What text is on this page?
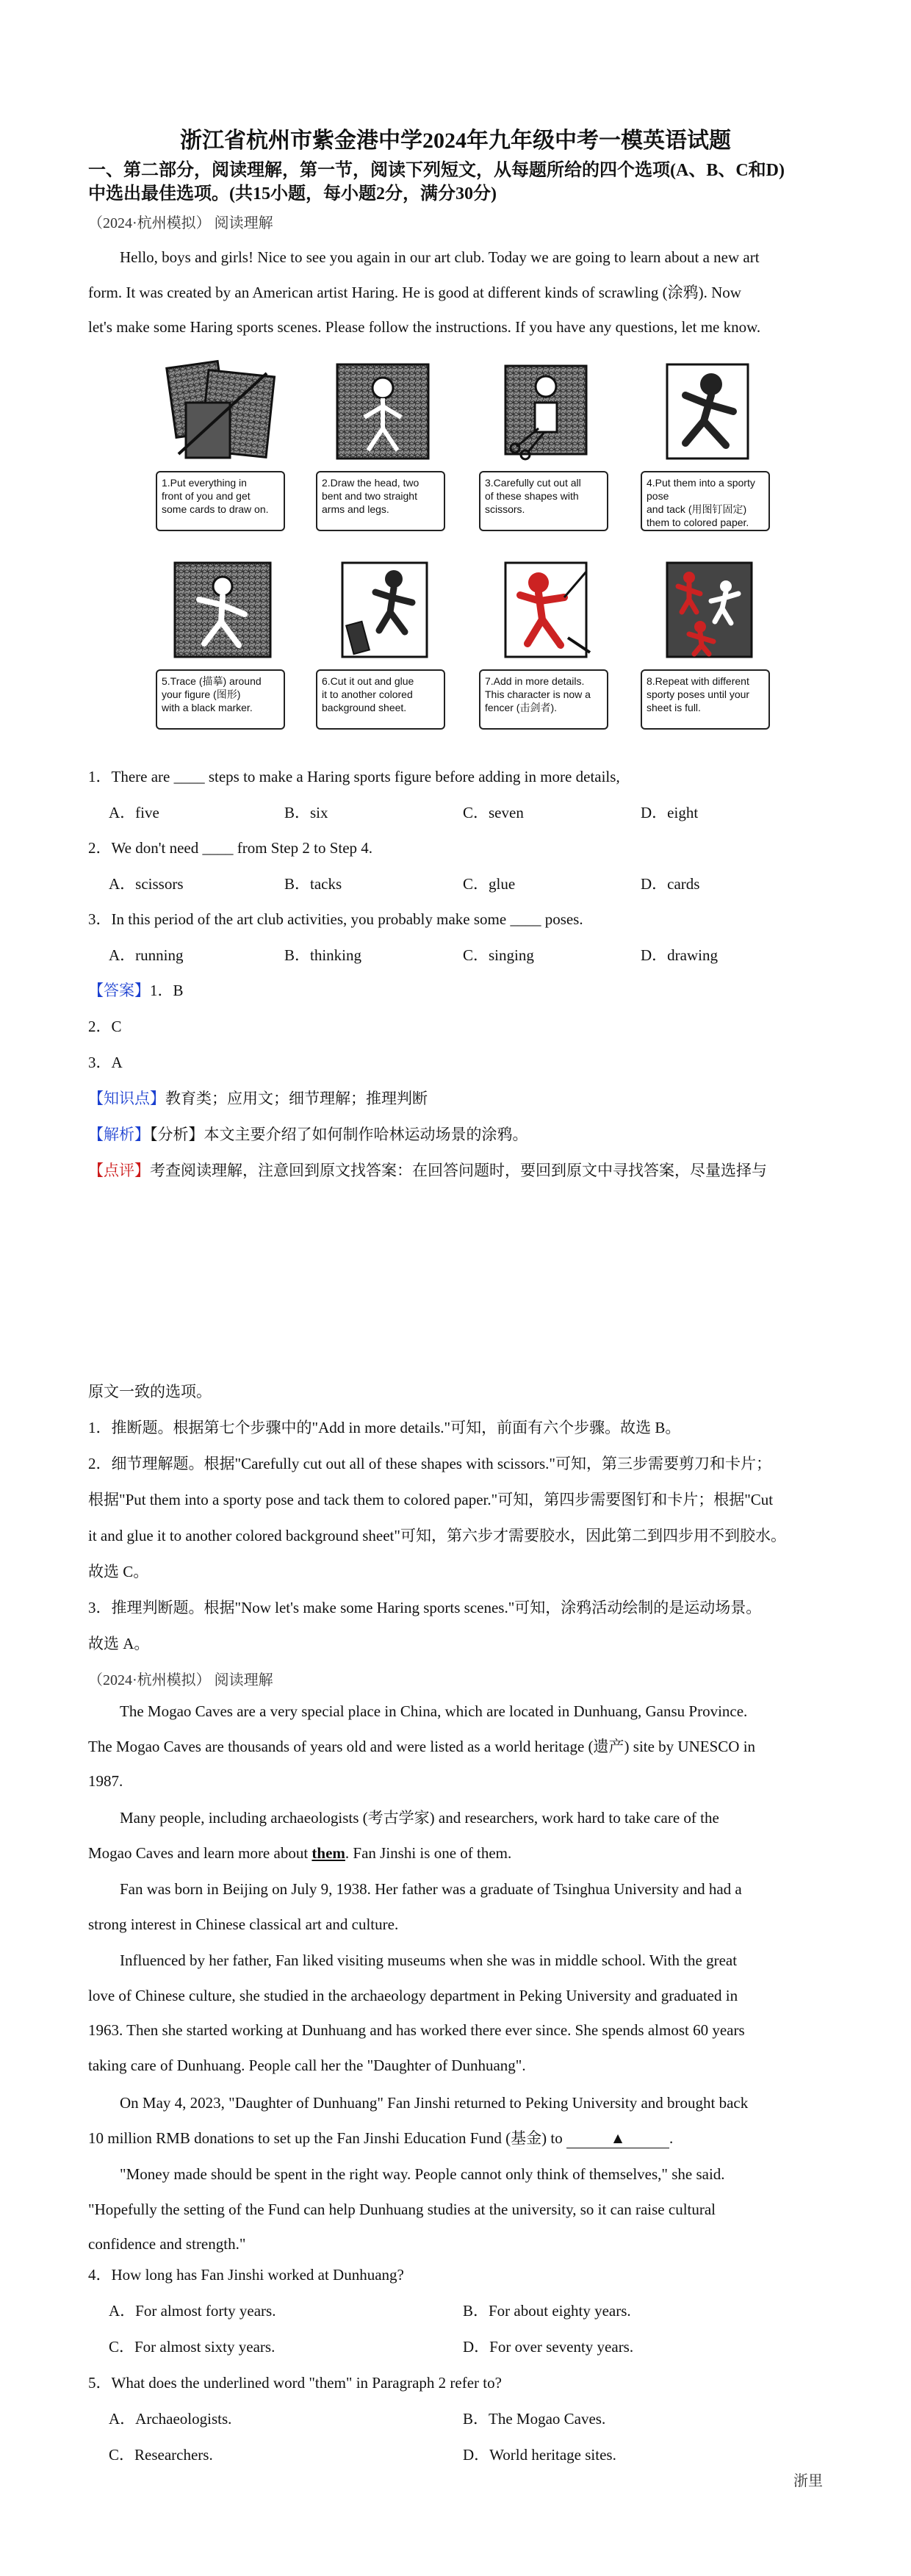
浙江省杭州市紫金港中学2024年九年级中考一模英语试题
一、第二部分，阅读理解，第一节，阅读下列短文，从每题所给的四个选项(A、B、C和D)
中选出最佳选项。(共15小题，每小题2分，满分30分)
（2024·杭州模拟） 阅读理解
Hello, boys and girls! Nice to see you again in our art club. Today we are going to learn about a new art
form. It was created by an American artist Haring. He is good at different kinds of scrawling (涂鸦). Now
let's make some Haring sports scenes. Please follow the instructions. If you have any questions, let me know.
1.Put everything in
front of you and get
some cards to draw on.
2.Draw the head, two
bent and two straight
arms and legs.
3.Carefully cut out all
of these shapes with
scissors.
4.Put them into a sporty pose
and tack (用图钉固定)
them to colored paper.
5.Trace (描摹) around
your figure (图形)
with a black marker.
6.Cut it out and glue
it to another colored
background sheet.
7.Add in more details.
This character is now a
fencer (击剑者).
8.Repeat with different
sporty poses until your
sheet is full.
1．There are ____ steps to make a Haring sports figure before adding in more details,
A．five	B．six	C．seven	D．eight
2．We don't need ____ from Step 2 to Step 4.
A．scissors	B．tacks	C．glue	D．cards
3．In this period of the art club activities, you probably make some ____ poses.
A．running	B．thinking	C．singing	D．drawing
【答案】1．B
2．C
3．A
【知识点】教育类；应用文；细节理解；推理判断
【解析】【分析】本文主要介绍了如何制作哈林运动场景的涂鸦。
【点评】考查阅读理解，注意回到原文找答案：在回答问题时，要回到原文中寻找答案，尽量选择与
原文一致的选项。
1．推断题。根据第七个步骤中的"Add in more details."可知，前面有六个步骤。故选 B。
2．细节理解题。根据"Carefully cut out all of these shapes with scissors."可知，第三步需要剪刀和卡片；
根据"Put them into a sporty pose and tack them to colored paper."可知，第四步需要图钉和卡片；根据"Cut
it and glue it to another colored background sheet"可知，第六步才需要胶水，因此第二到四步用不到胶水。
故选 C。
3．推理判断题。根据"Now let's make some Haring sports scenes."可知，涂鸦活动绘制的是运动场景。
故选 A。
（2024·杭州模拟） 阅读理解
The Mogao Caves are a very special place in China, which are located in Dunhuang, Gansu Province.
The Mogao Caves are thousands of years old and were listed as a world heritage (遗产) site by UNESCO in
1987.
Many people, including archaeologists (考古学家) and researchers, work hard to take care of the
Mogao Caves and learn more about them. Fan Jinshi is one of them.
Fan was born in Beijing on July 9, 1938. Her father was a graduate of Tsinghua University and had a
strong interest in Chinese classical art and culture.
Influenced by her father, Fan liked visiting museums when she was in middle school. With the great
love of Chinese culture, she studied in the archaeology department in Peking University and graduated in
1963. Then she started working at Dunhuang and has worked there ever since. She spends almost 60 years
taking care of Dunhuang. People call her the "Daughter of Dunhuang".
On May 4, 2023, "Daughter of Dunhuang" Fan Jinshi returned to Peking University and brought back
10 million RMB donations to set up the Fan Jinshi Education Fund (基金) to	▲	.
"Money made should be spent in the right way. People cannot only think of themselves," she said.
"Hopefully the setting of the Fund can help Dunhuang studies at the university, so it can raise cultural
confidence and strength."
4．How long has Fan Jinshi worked at Dunhuang?
A．For almost forty years.	B．For about eighty years.
C．For almost sixty years.	D．For over seventy years.
5．What does the underlined word "them" in Paragraph 2 refer to?
A．Archaeologists.	B．The Mogao Caves.
C．Researchers.	D．World heritage sites.
浙里
